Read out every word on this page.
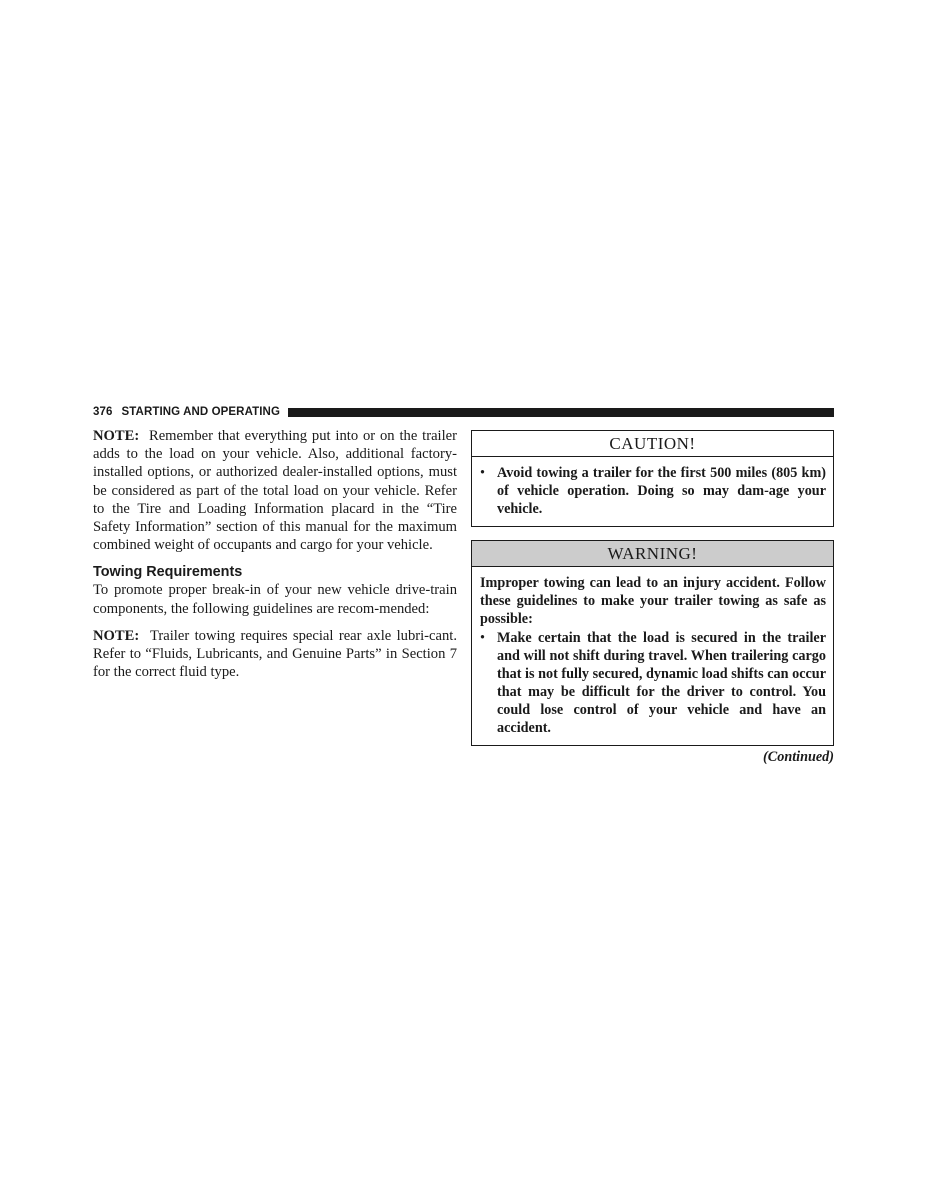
376 STARTING AND OPERATING

NOTE: Remember that everything put into or on the trailer adds to the load on your vehicle. Also, additional factory-installed options, or authorized dealer-installed options, must be considered as part of the total load on your vehicle. Refer to the Tire and Loading Information placard in the “Tire Safety Information” section of this manual for the maximum combined weight of occupants and cargo for your vehicle.

Towing Requirements

To promote proper break-in of your new vehicle drive-train components, the following guidelines are recom-mended:

NOTE: Trailer towing requires special rear axle lubri-cant. Refer to “Fluids, Lubricants, and Genuine Parts” in Section 7 for the correct fluid type.

CAUTION!
• Avoid towing a trailer for the first 500 miles (805 km) of vehicle operation. Doing so may dam-age your vehicle.
WARNING!

Improper towing can lead to an injury accident. Follow these guidelines to make your trailer towing as safe as possible:

• Make certain that the load is secured in the trailer and will not shift during travel. When trailering cargo that is not fully secured, dynamic load shifts can occur that may be difficult for the driver to control. You could lose control of your vehicle and have an accident.
(Continued)
